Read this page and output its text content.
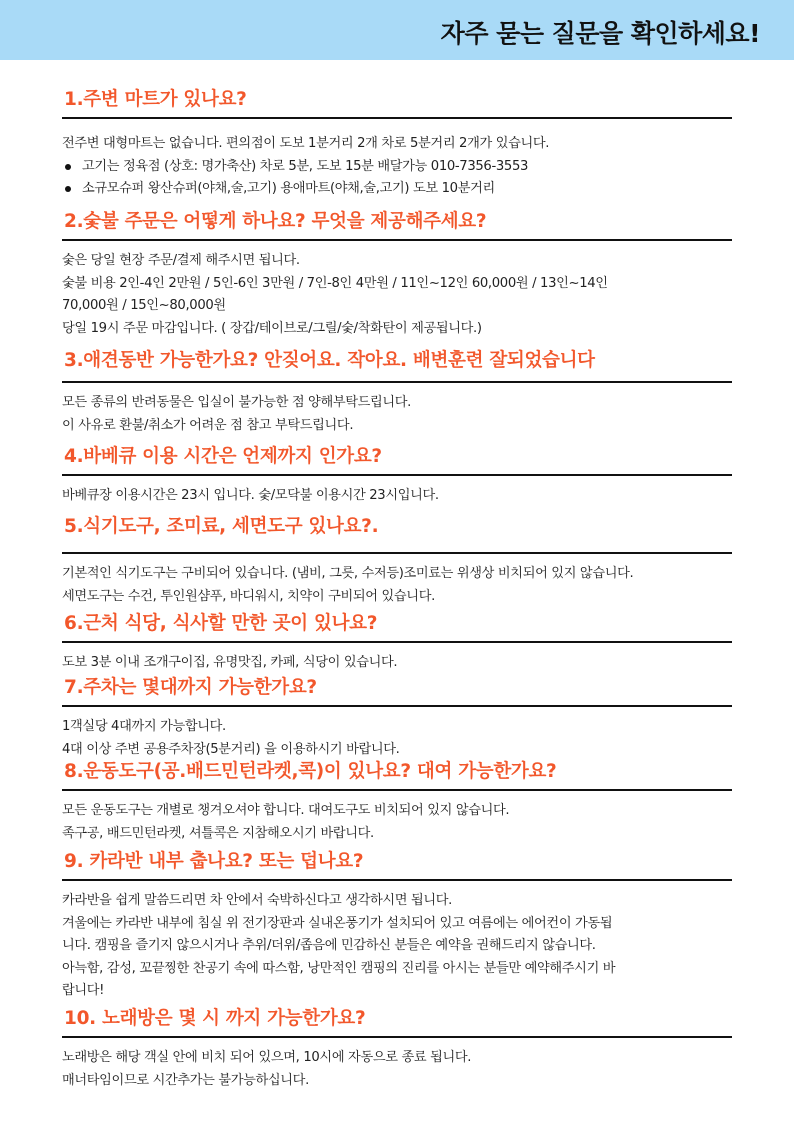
자주 묻는 질문을 확인하세요!
1.주변 마트가 있나요?

전주변 대형마트는 없습니다. 편의점이 도보 1분거리 2개 차로 5분거리 2개가 있습니다.

고기는 정육점 (상호: 명가축산) 차로 5분, 도보 15분 배달가능 010-7356-3553
소규모슈퍼 왕산슈퍼(야채,술,고기) 용애마트(야채,술,고기) 도보 10분거리
2.숯불 주문은 어떻게 하나요? 무엇을 제공해주세요?

숯은 당일 현장 주문/결제 해주시면 됩니다.

숯불 비용 2인-4인 2만원 / 5인-6인 3만원 / 7인-8인 4만원 / 11인~12인 60,000원 / 13인~14인

70,000원 / 15인~80,000원

당일 19시 주문 마감입니다. ( 장갑/테이브로/그릴/숯/착화탄이 제공됩니다.)

3.애견동반 가능한가요? 안짖어요. 작아요. 배변훈련 잘되었습니다

모든 종류의 반려동물은 입실이 불가능한 점 양해부탁드립니다.

이 사유로 환불/취소가 어려운 점 참고 부탁드립니다.

4.바베큐 이용 시간은 언제까지 인가요?

바베큐장 이용시간은 23시 입니다. 숯/모닥불 이용시간 23시입니다.

5.식기도구, 조미료, 세면도구 있나요?.

기본적인 식기도구는 구비되어 있습니다. (냄비, 그릇, 수저등)조미료는 위생상 비치되어 있지 않습니다.

세면도구는 수건, 투인원샴푸, 바디워시, 치약이 구비되어 있습니다.

6.근처 식당, 식사할 만한 곳이 있나요?

도보 3분 이내 조개구이집, 유명맛집, 카페, 식당이 있습니다.

7.주차는 몇대까지 가능한가요?

1객실당 4대까지 가능합니다.

4대 이상 주변 공용주차장(5분거리) 을 이용하시기 바랍니다.

8.운동도구(공.배드민턴라켓,콕)이 있나요? 대여 가능한가요?

모든 운동도구는 개별로 챙겨오셔야 합니다. 대여도구도 비치되어 있지 않습니다.

족구공, 배드민턴라켓, 셔틀콕은 지참해오시기 바랍니다.

9. 카라반 내부 춥나요? 또는 덥나요?

카라반을 쉽게 말씀드리면 차 안에서 숙박하신다고 생각하시면 됩니다.

겨울에는 카라반 내부에 침실 위 전기장판과 실내온풍기가 설치되어 있고 여름에는 에어컨이 가동됩

니다. 캠핑을 즐기지 않으시거나 추위/더위/좁음에 민감하신 분들은 예약을 권해드리지 않습니다.

아늑함, 감성, 꼬끝찡한 찬공기 속에 따스함, 낭만적인 캠핑의 진리를 아시는 분들만 예약해주시기 바

랍니다!

10. 노래방은 몇 시 까지 가능한가요?

노래방은 해당 객실 안에 비치 되어 있으며, 10시에 자동으로 종료 됩니다.

매너타임이므로 시간추가는 불가능하십니다.
